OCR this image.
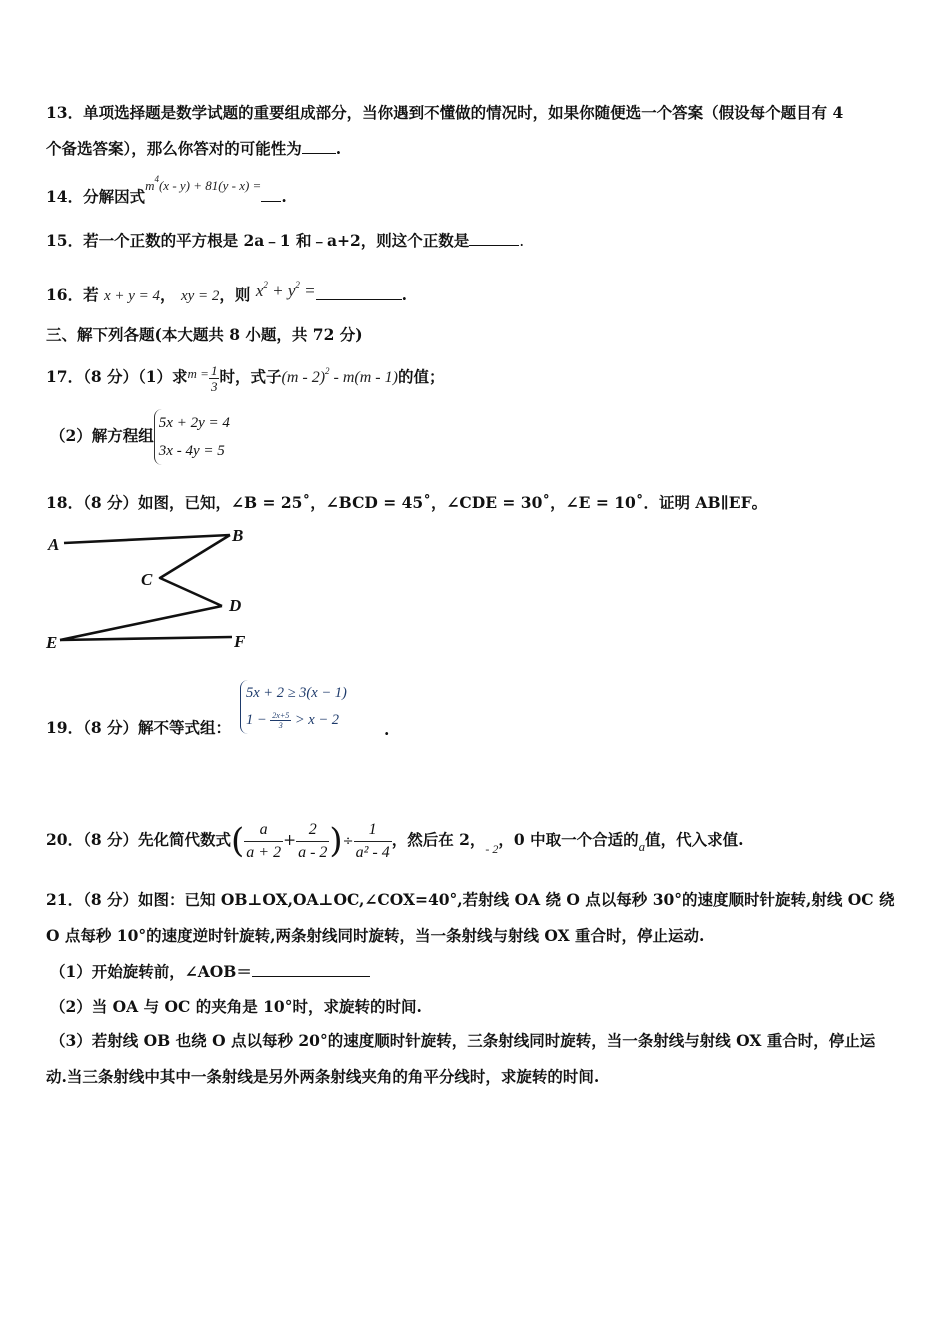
13．单项选择题是数学试题的重要组成部分，当你遇到不懂做的情况时，如果你随便选一个答案（假设每个题目有 4
个备选答案），那么你答对的可能性为 .
14．分解因式$^{m^4(x - y) + 81(y - x) =}$.
15．若一个正数的平方根是 2a﹣1 和﹣a+2，则这个正数是	.
16．若 x + y = 4， xy = 2，则 $x^2 + y^2$ =	.
三、解下列各题(本大题共 8 小题，共 72 分)
17．（8 分）（1）求$^{m =} \frac{1}{3}$ 时，式子(m - 2)$^2$ - m(m - 1)的值；
（2）解方程组
5x + 2y = 4
3x - 4y = 5
18．（8 分）如图，已知，∠B = 25˚，∠BCD = 45˚，∠CDE = 30˚，∠E = 10˚．证明 AB∥EF。
A	B
C
D
E	F
19．（8 分）解不等式组：
5x + 2 ≥ 3(x − 1)
$1 - \frac{2x+5}{3} > x - 2$	.
20．（8 分）先化简代数式( $\frac{a}{a + 2} + \frac{2}{a - 2}$ )÷ $\frac{1}{\text{a² - 4}}$ ，然后在 2，$_{- 2}$，0 中取一个合适的$_a$值，代入求值.
21．（8 分）如图：已知 OB⊥OX,OA⊥OC,∠COX=40°,若射线 OA 绕 O 点以每秒 30°的速度顺时针旋转,射线 OC 绕
O 点每秒 10°的速度逆时针旋转,两条射线同时旋转，当一条射线与射线 OX 重合时，停止运动.
（1）开始旋转前，∠AOB＝
（2）当 OA 与 OC 的夹角是 10°时，求旋转的时间.
（3）若射线 OB 也绕 O 点以每秒 20°的速度顺时针旋转，三条射线同时旋转，当一条射线与射线 OX 重合时，停止运
动.当三条射线中其中一条射线是另外两条射线夹角的角平分线时，求旋转的时间.
